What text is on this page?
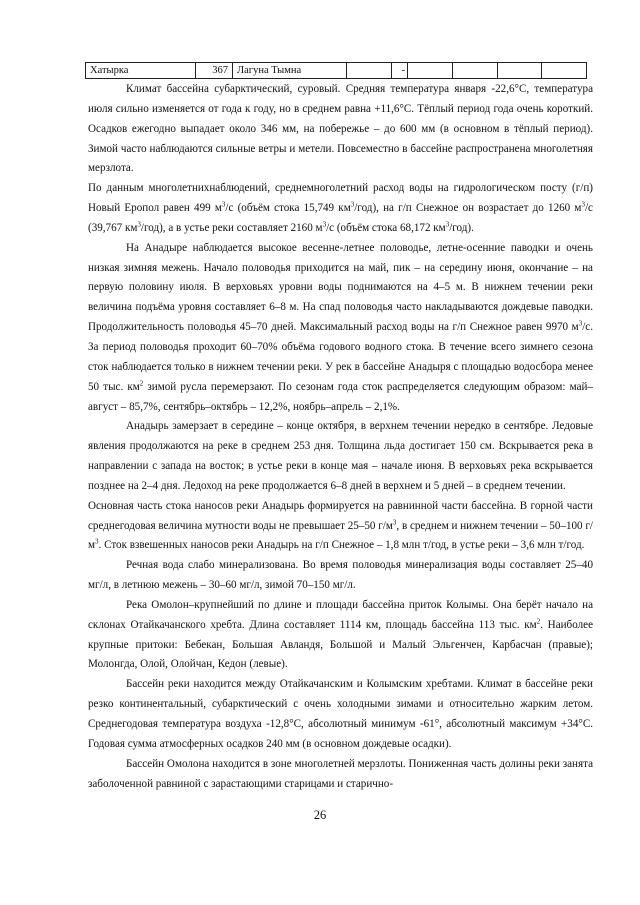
Хатырка	367	Лагуна Тымна		-				

Климат бассейна субарктический, суровый. Средняя температура января -22,6°С, температура июля сильно изменяется от года к году, но в среднем равна +11,6°С. Тёплый период года очень короткий. Осадков ежегодно выпадает около 346 мм, на побережье – до 600 мм (в основном в тёплый период). Зимой часто наблюдаются сильные ветры и метели. Повсеместно в бассейне распространена многолетняя мерзлота.

По данным многолетнихнаблюдений, среднемноголетний расход воды на гидрологическом посту (г/п) Новый Еропол равен 499 $м^3/с$ (объём стока 15,749 $км^3/год$), на г/п Снежное он возрастает до 1260 $м^3/с$ (39,767 $км^3/год$), а в устье реки составляет 2160 $м^3/с$ (объём стока 68,172 $км^3/год$).

На Анадыре наблюдается высокое весенне-летнее половодье, летне-осенние паводки и очень низкая зимняя межень. Начало половодья приходится на май, пик – на середину июня, окончание – на первую половину июля. В верховьях уровни воды поднимаются на 4–5 м. В нижнем течении реки величина подъёма уровня составляет 6–8 м. На спад половодья часто накладываются дождевые паводки. Продолжительность половодья 45–70 дней. Максимальный расход воды на г/п Снежное равен 9970 $м^3/с$. За период половодья проходит 60–70% объёма годового водного стока. В течение всего зимнего сезона сток наблюдается только в нижнем течении реки. У рек в бассейне Анадыря с площадью водосбора менее 50 тыс. $км^2$ зимой русла перемерзают. По сезонам года сток распределяется следующим образом: май–август – 85,7%, сентябрь–октябрь – 12,2%, ноябрь–апрель – 2,1%.

Анадырь замерзает в середине – конце октября, в верхнем течении нередко в сентябре. Ледовые явления продолжаются на реке в среднем 253 дня. Толщина льда достигает 150 см. Вскрывается река в направлении с запада на восток; в устье реки в конце мая – начале июня. В верховьях река вскрывается позднее на 2–4 дня. Ледоход на реке продолжается 6–8 дней в верхнем и 5 дней – в среднем течении.

Основная часть стока наносов реки Анадырь формируется на равнинной части бассейна. В горной части среднегодовая величина мутности воды не превышает 25–50 $г/м^3$, в среднем и нижнем течении – 50–100 $г/м^3$. Сток взвешенных наносов реки Анадырь на г/п Снежное – 1,8 млн т/год, в устье реки – 3,6 млн т/год.

Речная вода слабо минерализована. Во время половодья минерализация воды составляет 25–40 мг/л, в летнюю межень – 30–60 мг/л, зимой 70–150 мг/л.

Река Омолон–крупнейший по длине и площади бассейна приток Колымы. Она берёт начало на склонах Отайкачанского хребта. Длина составляет 1114 км, площадь бассейна 113 тыс. $км^2$. Наиболее крупные притоки: Бебекан, Большая Авландя, Большой и Малый Эльгенчен, Карбасчан (правые); Молонгда, Олой, Олойчан, Кедон (левые).

Бассейн реки находится между Отайкачанским и Колымским хребтами. Климат в бассейне реки резко континентальный, субарктический с очень холодными зимами и относительно жарким летом. Среднегодовая температура воздуха -12,8°С, абсолютный минимум -61°, абсолютный максимум +34°С. Годовая сумма атмосферных осадков 240 мм (в основном дождевые осадки).

Бассейн Омолона находится в зоне многолетней мерзлоты. Пониженная часть долины реки занята заболоченной равниной с зарастающими старицами и старично-

26
